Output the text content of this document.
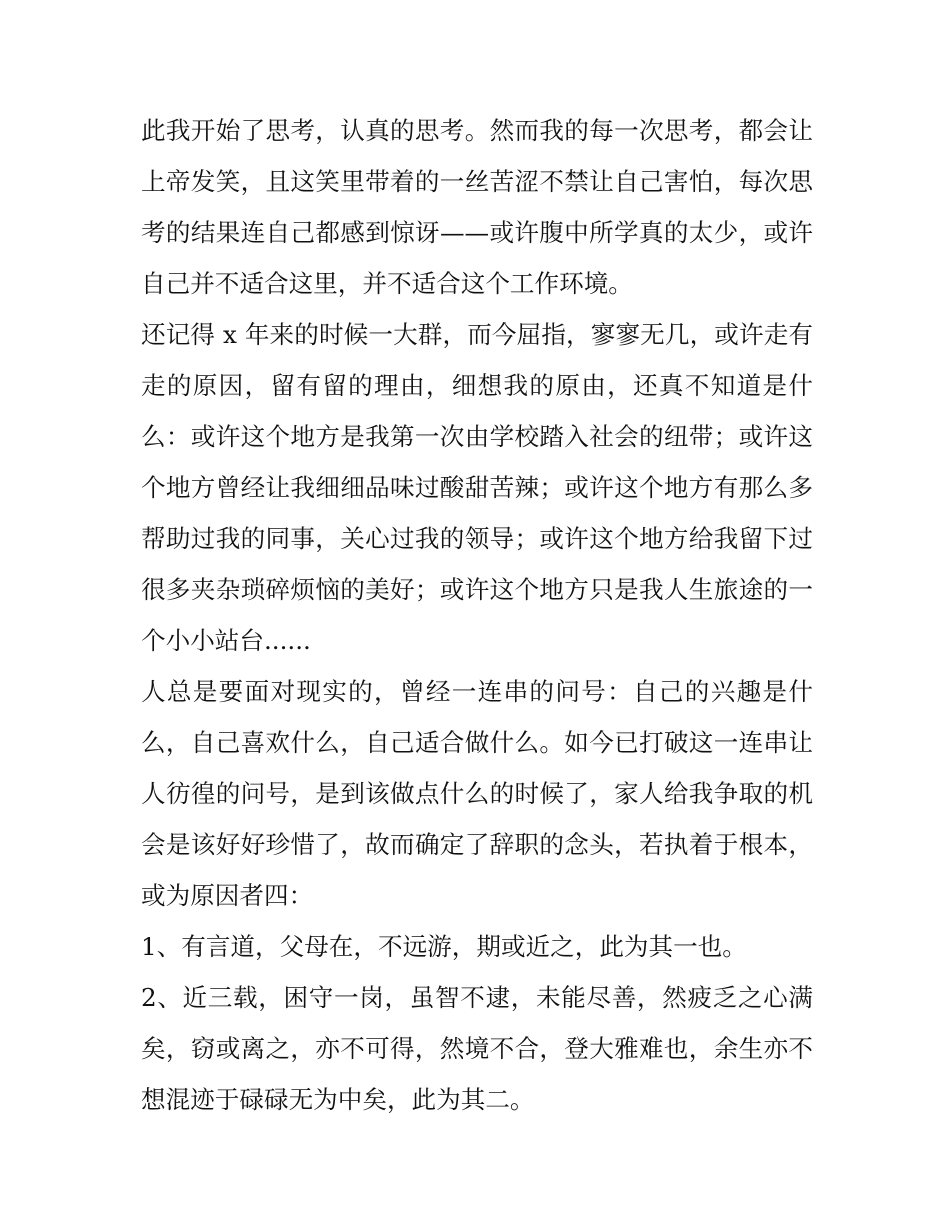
此我开始了思考，认真的思考。然而我的每一次思考，都会让
上帝发笑，且这笑里带着的一丝苦涩不禁让自己害怕，每次思
考的结果连自己都感到惊讶——或许腹中所学真的太少，或许
自己并不适合这里，并不适合这个工作环境。
还记得 x 年来的时候一大群，而今屈指，寥寥无几，或许走有
走的原因，留有留的理由，细想我的原由，还真不知道是什
么：或许这个地方是我第一次由学校踏入社会的纽带；或许这
个地方曾经让我细细品味过酸甜苦辣；或许这个地方有那么多
帮助过我的同事，关心过我的领导；或许这个地方给我留下过
很多夹杂琐碎烦恼的美好；或许这个地方只是我人生旅途的一
个小小站台......
人总是要面对现实的，曾经一连串的问号：自己的兴趣是什
么，自己喜欢什么，自己适合做什么。如今已打破这一连串让
人彷徨的问号，是到该做点什么的时候了，家人给我争取的机
会是该好好珍惜了，故而确定了辞职的念头，若执着于根本，
或为原因者四：
1、有言道，父母在，不远游，期或近之，此为其一也。
2、近三载，困守一岗，虽智不逮，未能尽善，然疲乏之心满
矣，窃或离之，亦不可得，然境不合，登大雅难也，余生亦不
想混迹于碌碌无为中矣，此为其二。
